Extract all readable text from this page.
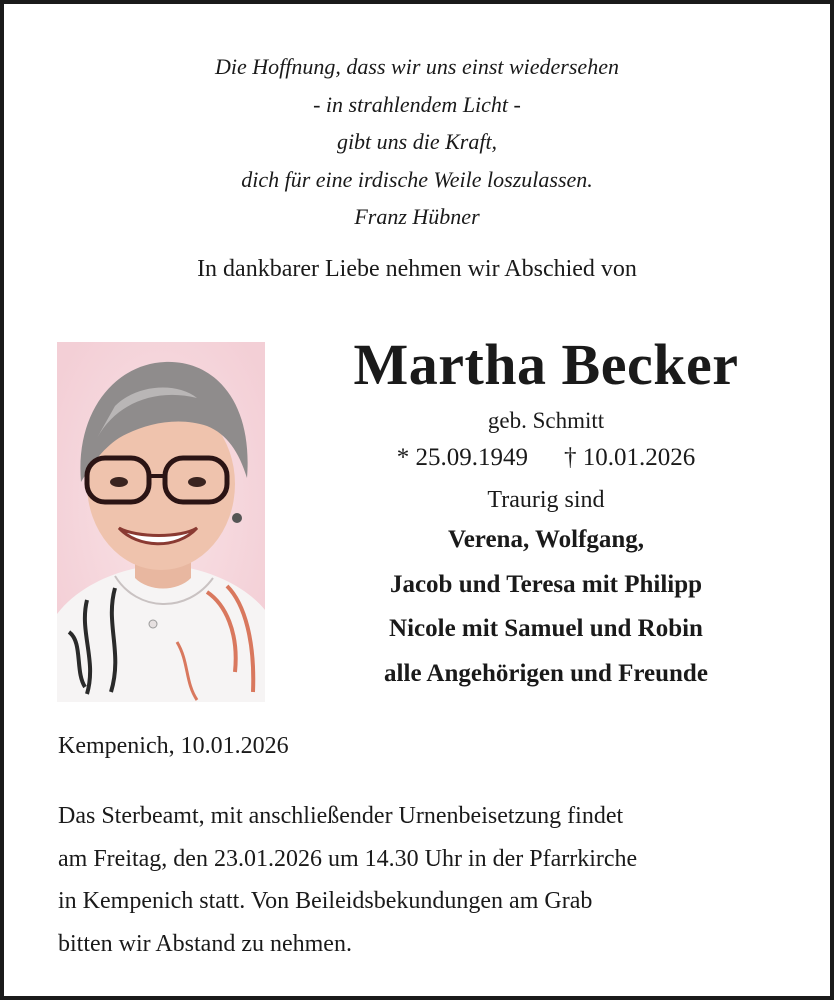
Die Hoffnung, dass wir uns einst wiedersehen
- in strahlendem Licht -
gibt uns die Kraft,
dich für eine irdische Weile loszulassen.
Franz Hübner
In dankbarer Liebe nehmen wir Abschied von
Martha Becker
geb. Schmitt
* 25.09.1949 † 10.01.2026
Traurig sind
Verena, Wolfgang,
Jacob und Teresa mit Philipp
Nicole mit Samuel und Robin
alle Angehörigen und Freunde
Kempenich, 10.01.2026
Das Sterbeamt, mit anschließender Urnenbeisetzung findet
am Freitag, den 23.01.2026 um 14.30 Uhr in der Pfarrkirche
in Kempenich statt. Von Beileidsbekundungen am Grab
bitten wir Abstand zu nehmen.
